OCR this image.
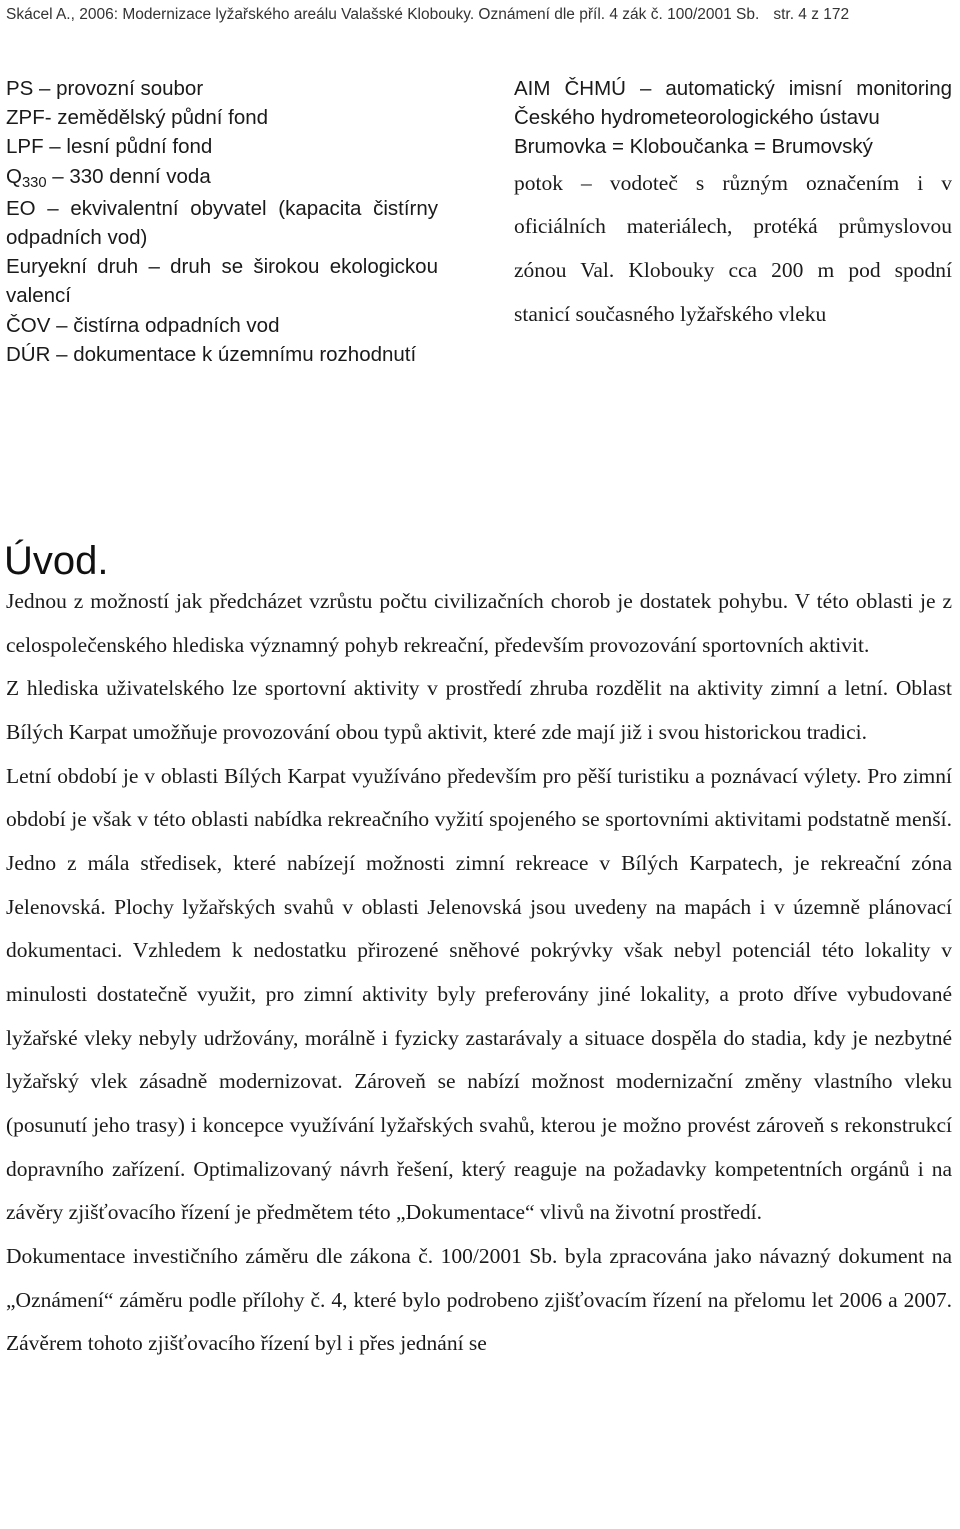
Skácel A., 2006: Modernizace lyžařského areálu Valašské Klobouky. Oznámení dle příl. 4 zák č. 100/2001 Sb. str. 4 z 172
PS – provozní soubor
ZPF- zemědělský půdní fond
LPF – lesní půdní fond
$Q_{330} - 330$ denní voda
EO – ekvivalentní obyvatel (kapacita čistírny odpadních vod)
Euryekní druh – druh se širokou ekologickou valencí
ČOV – čistírna odpadních vod
DÚR – dokumentace k územnímu rozhodnutí
AIM ČHMÚ – automatický imisní monitoring Českého hydrometeorologického ústavu
Brumovka = Kloboučanka = Brumovský
potok – vodoteč s různým označením i v oficiálních materiálech, protéká průmyslovou zónou Val. Klobouky cca 200 m pod spodní stanicí současného lyžařského vleku
Úvod.

Jednou z možností jak předcházet vzrůstu počtu civilizačních chorob je dostatek pohybu. V této oblasti je z celospolečenského hlediska významný pohyb rekreační, především provozování sportovních aktivit.

Z hlediska uživatelského lze sportovní aktivity v prostředí zhruba rozdělit na aktivity zimní a letní. Oblast Bílých Karpat umožňuje provozování obou typů aktivit, které zde mají již i svou historickou tradici.

Letní období je v oblasti Bílých Karpat využíváno především pro pěší turistiku a poznávací výlety. Pro zimní období je však v této oblasti nabídka rekreačního vyžití spojeného se sportovními aktivitami podstatně menší. Jedno z mála středisek, které nabízejí možnosti zimní rekreace v Bílých Karpatech, je rekreační zóna Jelenovská. Plochy lyžařských svahů v oblasti Jelenovská jsou uvedeny na mapách i v územně plánovací dokumentaci. Vzhledem k nedostatku přirozené sněhové pokrývky však nebyl potenciál této lokality v minulosti dostatečně využit, pro zimní aktivity byly preferovány jiné lokality, a proto dříve vybudované lyžařské vleky nebyly udržovány, morálně i fyzicky zastarávaly a situace dospěla do stadia, kdy je nezbytné lyžařský vlek zásadně modernizovat. Zároveň se nabízí možnost modernizační změny vlastního vleku (posunutí jeho trasy) i koncepce využívání lyžařských svahů, kterou je možno provést zároveň s rekonstrukcí dopravního zařízení. Optimalizovaný návrh řešení, který reaguje na požadavky kompetentních orgánů i na závěry zjišťovacího řízení je předmětem této „Dokumentace“ vlivů na životní prostředí.

Dokumentace investičního záměru dle zákona č. 100/2001 Sb. byla zpracována jako návazný dokument na „Oznámení“ záměru podle přílohy č. 4, které bylo podrobeno zjišťovacím řízení na přelomu let 2006 a 2007. Závěrem tohoto zjišťovacího řízení byl i přes jednání se
